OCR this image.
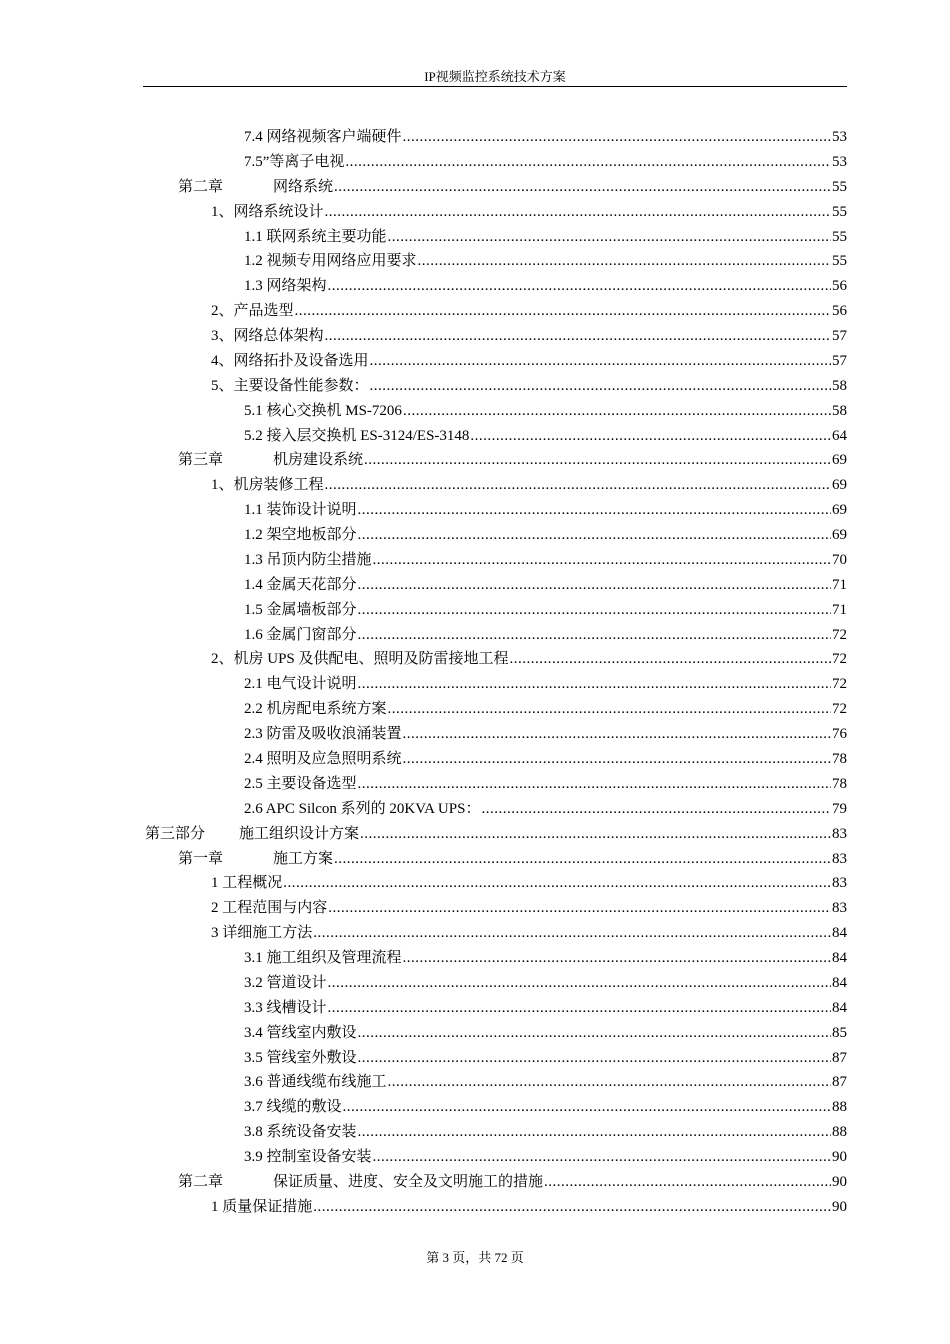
IP视频监控系统技术方案
7.4 网络视频客户端硬件 .....	53
7.5”等离子电视 .....	53
第二章	网络系统 .....	55
1、网络系统设计 .....	55
1.1 联网系统主要功能 .....	55
1.2 视频专用网络应用要求 .....	55
1.3 网络架构 .....	56
2、产品选型 .....	56
3、网络总体架构 .....	57
4、网络拓扑及设备选用 .....	57
5、主要设备性能参数： .....	58
5.1 核心交换机 MS-7206 .....	58
5.2 接入层交换机 ES-3124/ES-3148 .....	64
第三章	机房建设系统 .....	69
1、机房装修工程 .....	69
1.1 装饰设计说明 .....	69
1.2 架空地板部分 .....	69
1.3 吊顶内防尘措施 .....	70
1.4 金属天花部分 .....	71
1.5 金属墙板部分 .....	71
1.6 金属门窗部分 .....	72
2、机房 UPS 及供配电、照明及防雷接地工程 .....	72
2.1 电气设计说明 .....	72
2.2 机房配电系统方案 .....	72
2.3 防雷及吸收浪涌装置 .....	76
2.4 照明及应急照明系统 .....	78
2.5 主要设备选型 .....	78
2.6 APC Silcon 系列的 20KVA UPS： .....	79
第三部分 施工组织设计方案 .....	83
第一章	施工方案 .....	83
1 工程概况 .....	83
2 工程范围与内容 .....	83
3 详细施工方法 .....	84
3.1 施工组织及管理流程 .....	84
3.2 管道设计 .....	84
3.3 线槽设计 .....	84
3.4 管线室内敷设 .....	85
3.5 管线室外敷设 .....	87
3.6 普通线缆布线施工 .....	87
3.7 线缆的敷设 .....	88
3.8 系统设备安装 .....	88
3.9 控制室设备安装 .....	90
第二章	保证质量、进度、安全及文明施工的措施 .....	90
1 质量保证措施 .....	90
第 3 页，共 72 页
